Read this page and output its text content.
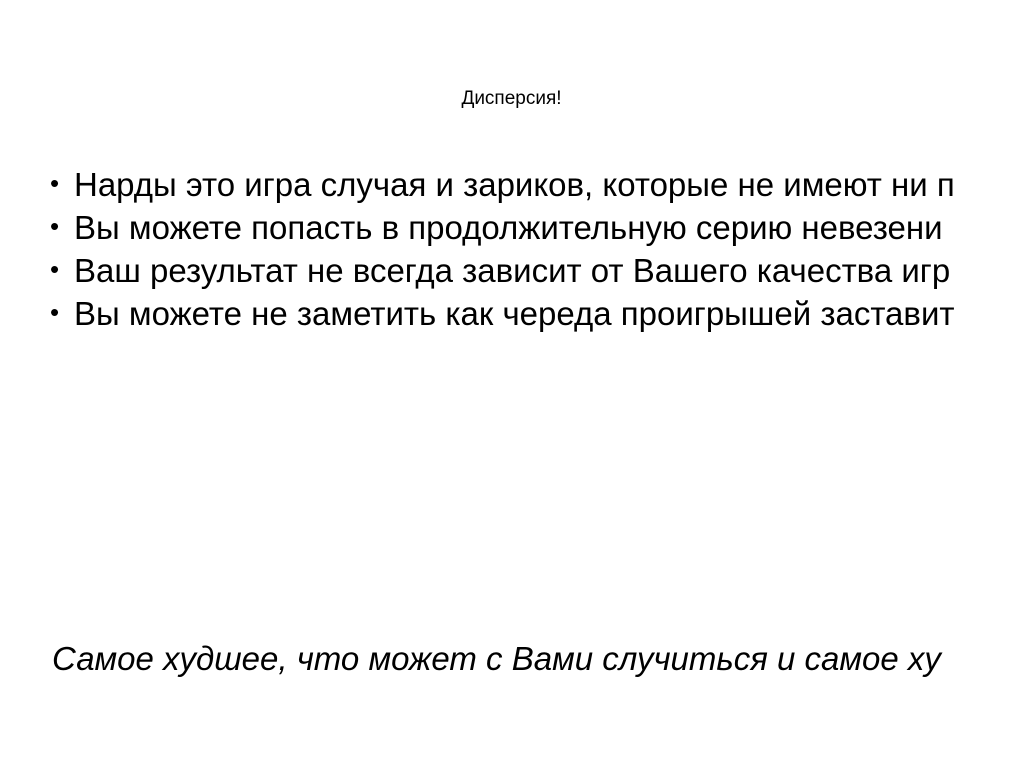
Дисперсия!
• Нарды это игра случая и зариков, которые не имеют ни п
• Вы можете попасть в продолжительную серию невезени
• Ваш результат не всегда зависит от Вашего качества игр
• Вы можете не заметить как череда проигрышей заставит
Самое худшее, что может с Вами случиться и самое ху
